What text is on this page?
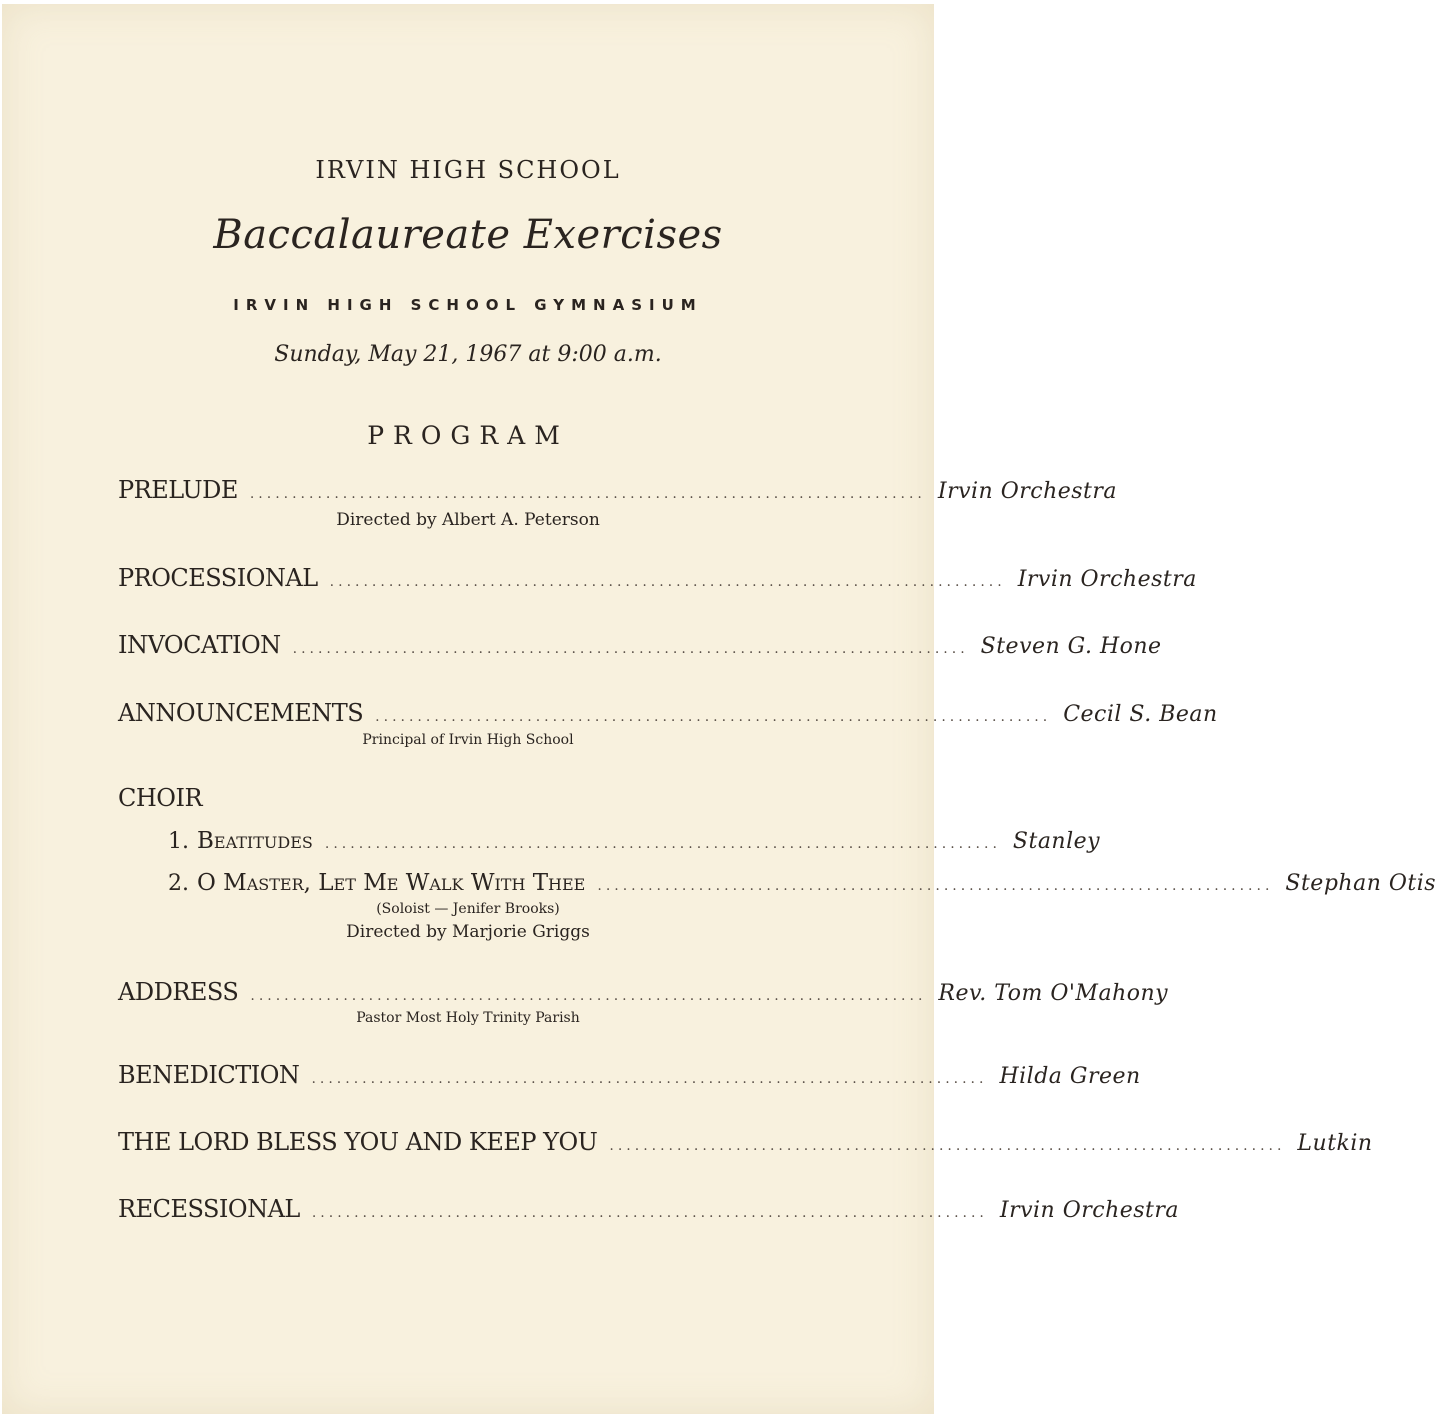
IRVIN HIGH SCHOOL
Baccalaureate Exercises
IRVIN HIGH SCHOOL GYMNASIUM
Sunday, May 21, 1967 at 9:00 a.m.
PROGRAM
PRELUDE ................................................................................ Irvin Orchestra
Directed by Albert A. Peterson
PROCESSIONAL ................................................................................ Irvin Orchestra
INVOCATION ................................................................................ Steven G. Hone
ANNOUNCEMENTS ................................................................................ Cecil S. Bean
Principal of Irvin High School
CHOIR
1. Beatitudes ................................................................................ Stanley
2. O Master, Let Me Walk With Thee ................................................................................ Stephan Otis
(Soloist — Jenifer Brooks)
Directed by Marjorie Griggs
ADDRESS ................................................................................ Rev. Tom O'Mahony
Pastor Most Holy Trinity Parish
BENEDICTION ................................................................................ Hilda Green
THE LORD BLESS YOU AND KEEP YOU ................................................................................ Lutkin
RECESSIONAL ................................................................................ Irvin Orchestra
